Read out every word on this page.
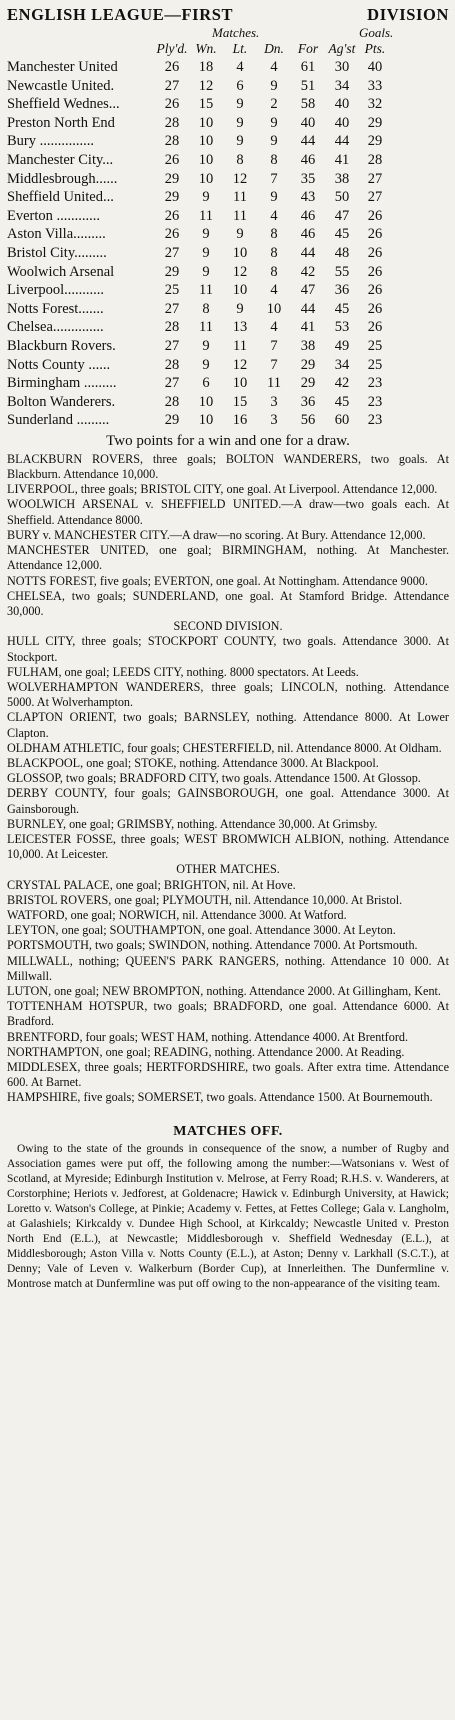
ENGLISH LEAGUE—FIRST	DIVISION
Matches.	Goals.
Ply'd. Wn.	Lt.	Dn.	For Ag'st Pts.
Manchester United	26	18	4	4	61	30	40
Newcastle United.	27	12	6	9	51	34	33
Sheffield Wednes...	26	15	9	2	58	40	32
Preston North End	28	10	9	9	40	40	29
Bury ...............	28	10	9	9	44	44	29
Manchester City...	26	10	8	8	46	41	28
Middlesbrough......	29	10	12	7	35	38	27
Sheffield United...	29	9	11	9	43	50	27
Everton ............	26	11	11	4	46	47	26
Aston Villa.........	26	9	9	8	46	45	26
Bristol City.........	27	9	10	8	44	48	26
Woolwich Arsenal	29	9	12	8	42	55	26
Liverpool...........	25	11	10	4	47	36	26
Notts Forest.......	27	8	9	10	44	45	26
Chelsea..............	28	11	13	4	41	53	26
Blackburn Rovers.	27	9	11	7	38	49	25
Notts County ......	28	9	12	7	29	34	25
Birmingham .........	27	6	10	11	29	42	23
Bolton Wanderers.	28	10	15	3	36	45	23
Sunderland .........	29	10	16	3	56	60	23
Two points for a win and one for a draw.
BLACKBURN ROVERS, three goals; BOLTON WANDERERS, two goals. At Blackburn. Attendance 10,000.
LIVERPOOL, three goals; BRISTOL CITY, one goal. At Liverpool. Attendance 12,000.
WOOLWICH ARSENAL v. SHEFFIELD UNITED.—A draw—two goals each. At Sheffield. Attendance 8000.
BURY v. MANCHESTER CITY.—A draw—no scoring. At Bury. Attendance 12,000.
MANCHESTER UNITED, one goal; BIRMINGHAM, nothing. At Manchester. Attendance 12,000.
NOTTS FOREST, five goals; EVERTON, one goal. At Nottingham. Attendance 9000.
CHELSEA, two goals; SUNDERLAND, one goal. At Stamford Bridge. Attendance 30,000.
SECOND DIVISION.
HULL CITY, three goals; STOCKPORT COUNTY, two goals. Attendance 3000. At Stockport.
FULHAM, one goal; LEEDS CITY, nothing. 8000 spectators. At Leeds.
WOLVERHAMPTON WANDERERS, three goals; LINCOLN, nothing. Attendance 5000. At Wolverhampton.
CLAPTON ORIENT, two goals; BARNSLEY, nothing. Attendance 8000. At Lower Clapton.
OLDHAM ATHLETIC, four goals; CHESTERFIELD, nil. Attendance 8000. At Oldham.
BLACKPOOL, one goal; STOKE, nothing. Attendance 3000. At Blackpool.
GLOSSOP, two goals; BRADFORD CITY, two goals. Attendance 1500. At Glossop.
DERBY COUNTY, four goals; GAINSBOROUGH, one goal. Attendance 3000. At Gainsborough.
BURNLEY, one goal; GRIMSBY, nothing. Attendance 30,000. At Grimsby.
LEICESTER FOSSE, three goals; WEST BROMWICH ALBION, nothing. Attendance 10,000. At Leicester.
OTHER MATCHES.
CRYSTAL PALACE, one goal; BRIGHTON, nil. At Hove.
BRISTOL ROVERS, one goal; PLYMOUTH, nil. Attendance 10,000. At Bristol.
WATFORD, one goal; NORWICH, nil. Attendance 3000. At Watford.
LEYTON, one goal; SOUTHAMPTON, one goal. Attendance 3000. At Leyton.
PORTSMOUTH, two goals; SWINDON, nothing. Attendance 7000. At Portsmouth.
MILLWALL, nothing; QUEEN'S PARK RANGERS, nothing. Attendance 10 000. At Millwall.
LUTON, one goal; NEW BROMPTON, nothing. Attendance 2000. At Gillingham, Kent.
TOTTENHAM HOTSPUR, two goals; BRADFORD, one goal. Attendance 6000. At Bradford.
BRENTFORD, four goals; WEST HAM, nothing. Attendance 4000. At Brentford.
NORTHAMPTON, one goal; READING, nothing. Attendance 2000. At Reading.
MIDDLESEX, three goals; HERTFORDSHIRE, two goals. After extra time. Attendance 600. At Barnet.
HAMPSHIRE, five goals; SOMERSET, two goals. Attendance 1500. At Bournemouth.
MATCHES OFF.
Owing to the state of the grounds in consequence of the snow, a number of Rugby and Association games were put off, the following among the number:—Watsonians v. West of Scotland, at Myreside; Edinburgh Institution v. Melrose, at Ferry Road; R.H.S. v. Wanderers, at Corstorphine; Heriots v. Jedforest, at Goldenacre; Hawick v. Edinburgh University, at Hawick; Loretto v. Watson's College, at Pinkie; Academy v. Fettes, at Fettes College; Gala v. Langholm, at Galashiels; Kirkcaldy v. Dundee High School, at Kirkcaldy; Newcastle United v. Preston North End (E.L.), at Newcastle; Middlesborough v. Sheffield Wednesday (E.L.), at Middlesborough; Aston Villa v. Notts County (E.L.), at Aston; Denny v. Larkhall (S.C.T.), at Denny; Vale of Leven v. Walkerburn (Border Cup), at Innerleithen. The Dunfermline v. Montrose match at Dunfermline was put off owing to the non-appearance of the visiting team.
